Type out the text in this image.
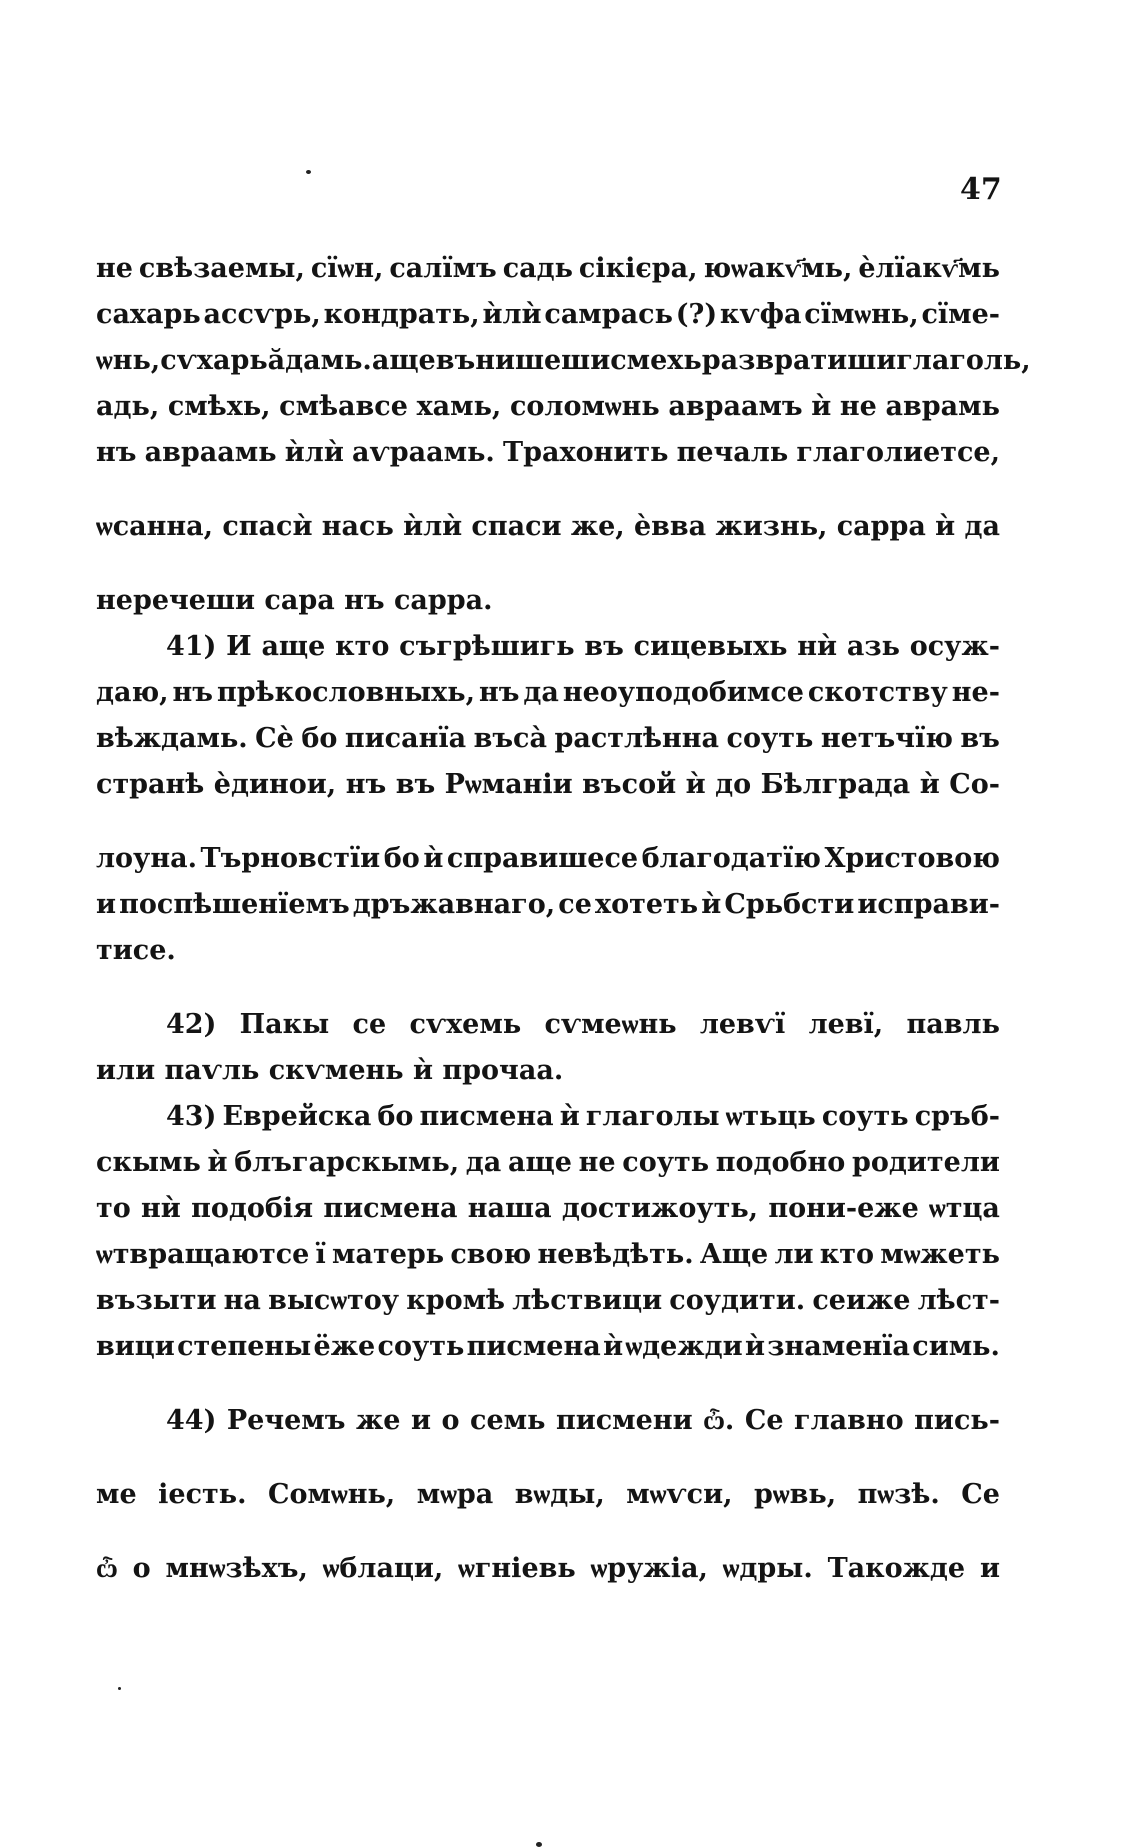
47
не свѣзаемы, сїѡн, салїмъ садь сікiєра, юѡакѵ҃мь, ѐлїакѵ҃мь
сахарь ассѵрь, кондрать, ѝлѝ самрась (?) кѵфа сїмѡнь, сїме-
ѡнь, сѵхарь ăдамь. аще вънишеши смехь развратиши глаголь,
адь, смѣхь, смѣавсе хамь, соломѡнь авраамъ ѝ не аврамь
нъ авраамь ѝлѝ аѵраамь. Трахонить печаль глаголиетсе,
ѡсанна, спасѝ нась ѝлѝ спаси же, ѐвва жизнь, сарра ѝ да
неречеши сара нъ сарра.
41) И аще кто съгрѣшигь въ сицевыхь нѝ азь осуж-
даю, нъ прѣкословныхь, нъ да неоуподобимсе скотству не-
вѣждамь. Сѐ бо писанїа въсà растлѣнна соуть нетъчїю въ
странѣ ѐдинои, нъ въ Рѡманiи въсой ѝ до Бѣлграда ѝ Со-
лоуна. Търновстїи бо ѝ справишесе благодатїю Христовою
и поспѣшенїемъ дръжавнаго, се хотеть ѝ Срьбсти исправи-
тисе.
42) Пакы се сѵхемь сѵмеѡнь левѵї левї, павль
или паѵль скѵмень ѝ прочаа.
43) Еврейска бо писмена ѝ глаголы ѡтьць соуть сръб-
скымь ѝ блъгарскымь, да аще не соуть подобно родители
то нѝ подобiя писмена наша достижоуть, пони-еже ѡтца
ѡтвращаютсе ї матерь свою невѣдѣть. Аще ли кто мѡжеть
възыти на высѡтоу кромѣ лѣствици соудити. сеиже лѣст-
вици степены ёже соуть писмена ѝ ѡдежди ѝ знаменїа симь.
44) Речемъ же и о семь писмени ѽ. Се главно пись-
ме iесть. Сомѡнь, мѡра вѡды, мѡѵси, рѡвь, пѡзѣ. Се
ѽ о мнѡзѣхъ, ѡблаци, ѡгнiевь ѡружiа, ѡдры. Такожде и
